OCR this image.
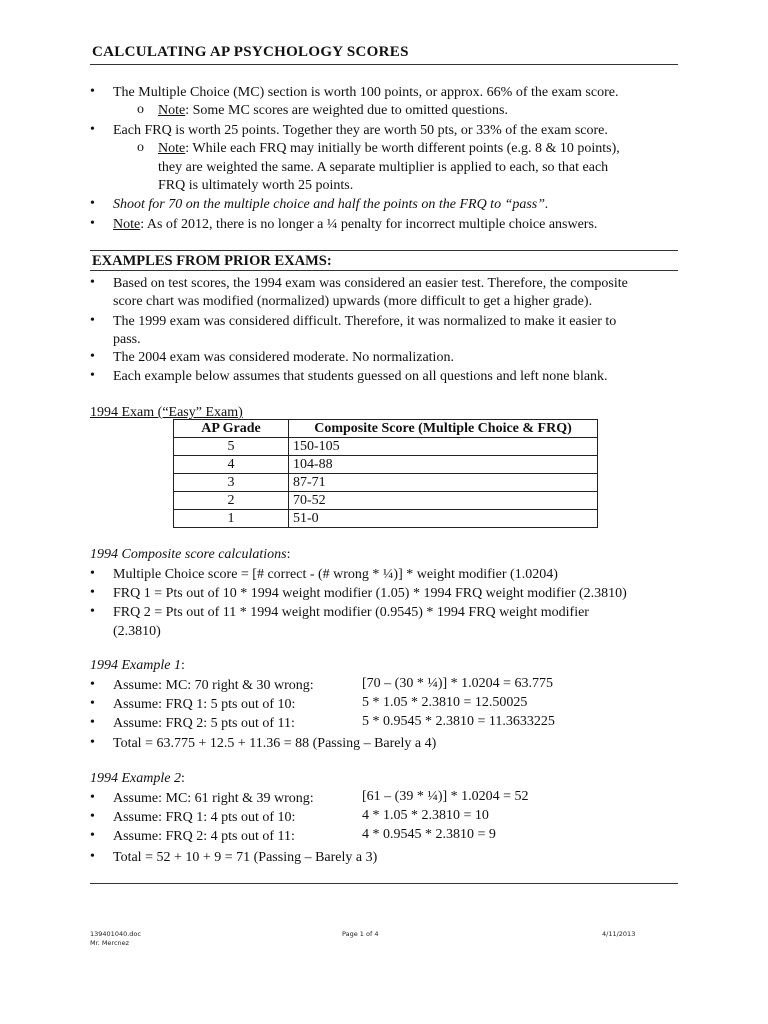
CALCULATING AP PSYCHOLOGY SCORES
• The Multiple Choice (MC) section is worth 100 points, or approx. 66% of the exam score.
o Note: Some MC scores are weighted due to omitted questions.
• Each FRQ is worth 25 points. Together they are worth 50 pts, or 33% of the exam score.
o Note: While each FRQ may initially be worth different points (e.g. 8 & 10 points),
they are weighted the same. A separate multiplier is applied to each, so that each
FRQ is ultimately worth 25 points.
• Shoot for 70 on the multiple choice and half the points on the FRQ to “pass”.
• Note: As of 2012, there is no longer a ¼ penalty for incorrect multiple choice answers.
EXAMPLES FROM PRIOR EXAMS:
• Based on test scores, the 1994 exam was considered an easier test. Therefore, the composite
score chart was modified (normalized) upwards (more difficult to get a higher grade).
• The 1999 exam was considered difficult. Therefore, it was normalized to make it easier to
pass.
• The 2004 exam was considered moderate. No normalization.
• Each example below assumes that students guessed on all questions and left none blank.
1994 Exam (“Easy” Exam)
AP Grade	Composite Score (Multiple Choice & FRQ)
5	150-105
4	104-88
3	87-71
2	70-52
1	51-0
1994 Composite score calculations:
• Multiple Choice score = [# correct - (# wrong * ¼)] * weight modifier (1.0204)
• FRQ 1 = Pts out of 10 * 1994 weight modifier (1.05) * 1994 FRQ weight modifier (2.3810)
• FRQ 2 = Pts out of 11 * 1994 weight modifier (0.9545) * 1994 FRQ weight modifier
(2.3810)
1994 Example 1:
• Assume: MC: 70 right & 30 wrong:	[70 – (30 * ¼)] * 1.0204 = 63.775
• Assume: FRQ 1: 5 pts out of 10:	5 * 1.05 * 2.3810 = 12.50025
• Assume: FRQ 2: 5 pts out of 11:	5 * 0.9545 * 2.3810 = 11.3633225
• Total = 63.775 + 12.5 + 11.36 = 88 (Passing – Barely a 4)
1994 Example 2:
• Assume: MC: 61 right & 39 wrong:	[61 – (39 * ¼)] * 1.0204 = 52
• Assume: FRQ 1: 4 pts out of 10:	4 * 1.05 * 2.3810 = 10
• Assume: FRQ 2: 4 pts out of 11:	4 * 0.9545 * 2.3810 = 9
• Total = 52 + 10 + 9 = 71 (Passing – Barely a 3)
139401040.doc
Mr. Mercnez
Page 1 of 4	4/11/2013
